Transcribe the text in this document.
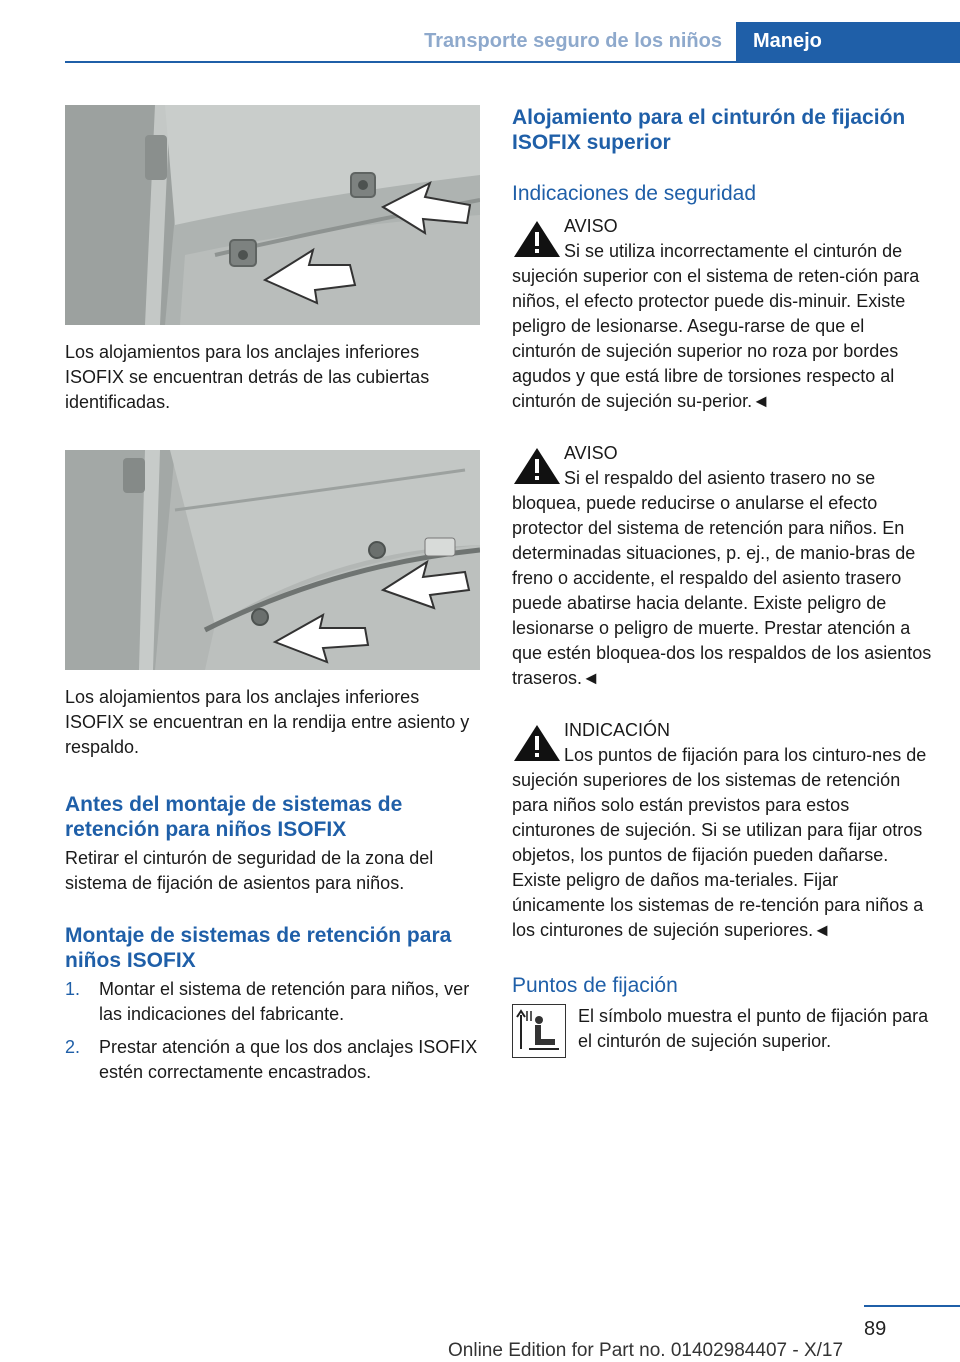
Transporte seguro de los niños Manejo

Los alojamientos para los anclajes inferiores ISOFIX se encuentran detrás de las cubiertas identificadas.

Los alojamientos para los anclajes inferiores ISOFIX se encuentran en la rendija entre asiento y respaldo.

Antes del montaje de sistemas de retención para niños ISOFIX

Retirar el cinturón de seguridad de la zona del sistema de fijación de asientos para niños.

Montaje de sistemas de retención para niños ISOFIX
1. Montar el sistema de retención para niños, ver las indicaciones del fabricante.
2. Prestar atención a que los dos anclajes ISOFIX estén correctamente encastrados.
Alojamiento para el cinturón de fijación ISOFIX superior
Indicaciones de seguridad

AVISO

Si se utiliza incorrectamente el cinturón de sujeción superior con el sistema de reten-ción para niños, el efecto protector puede dis-minuir. Existe peligro de lesionarse. Asegu-rarse de que el cinturón de sujeción superior no roza por bordes agudos y que está libre de torsiones respecto al cinturón de sujeción su-perior.◄

AVISO

Si el respaldo del asiento trasero no se bloquea, puede reducirse o anularse el efecto protector del sistema de retención para niños. En determinadas situaciones, p. ej., de manio-bras de freno o accidente, el respaldo del asiento trasero puede abatirse hacia delante. Existe peligro de lesionarse o peligro de muerte. Prestar atención a que estén bloquea-dos los respaldos de los asientos traseros.◄

INDICACIÓN

Los puntos de fijación para los cinturo-nes de sujeción superiores de los sistemas de retención para niños solo están previstos para estos cinturones de sujeción. Si se utilizan para fijar otros objetos, los puntos de fijación pueden dañarse. Existe peligro de daños ma-teriales. Fijar únicamente los sistemas de re-tención para niños a los cinturones de sujeción superiores.◄

Puntos de fijación

El símbolo muestra el punto de fijación para el cinturón de sujeción superior.

89
Online Edition for Part no. 01402984407 - X/17
